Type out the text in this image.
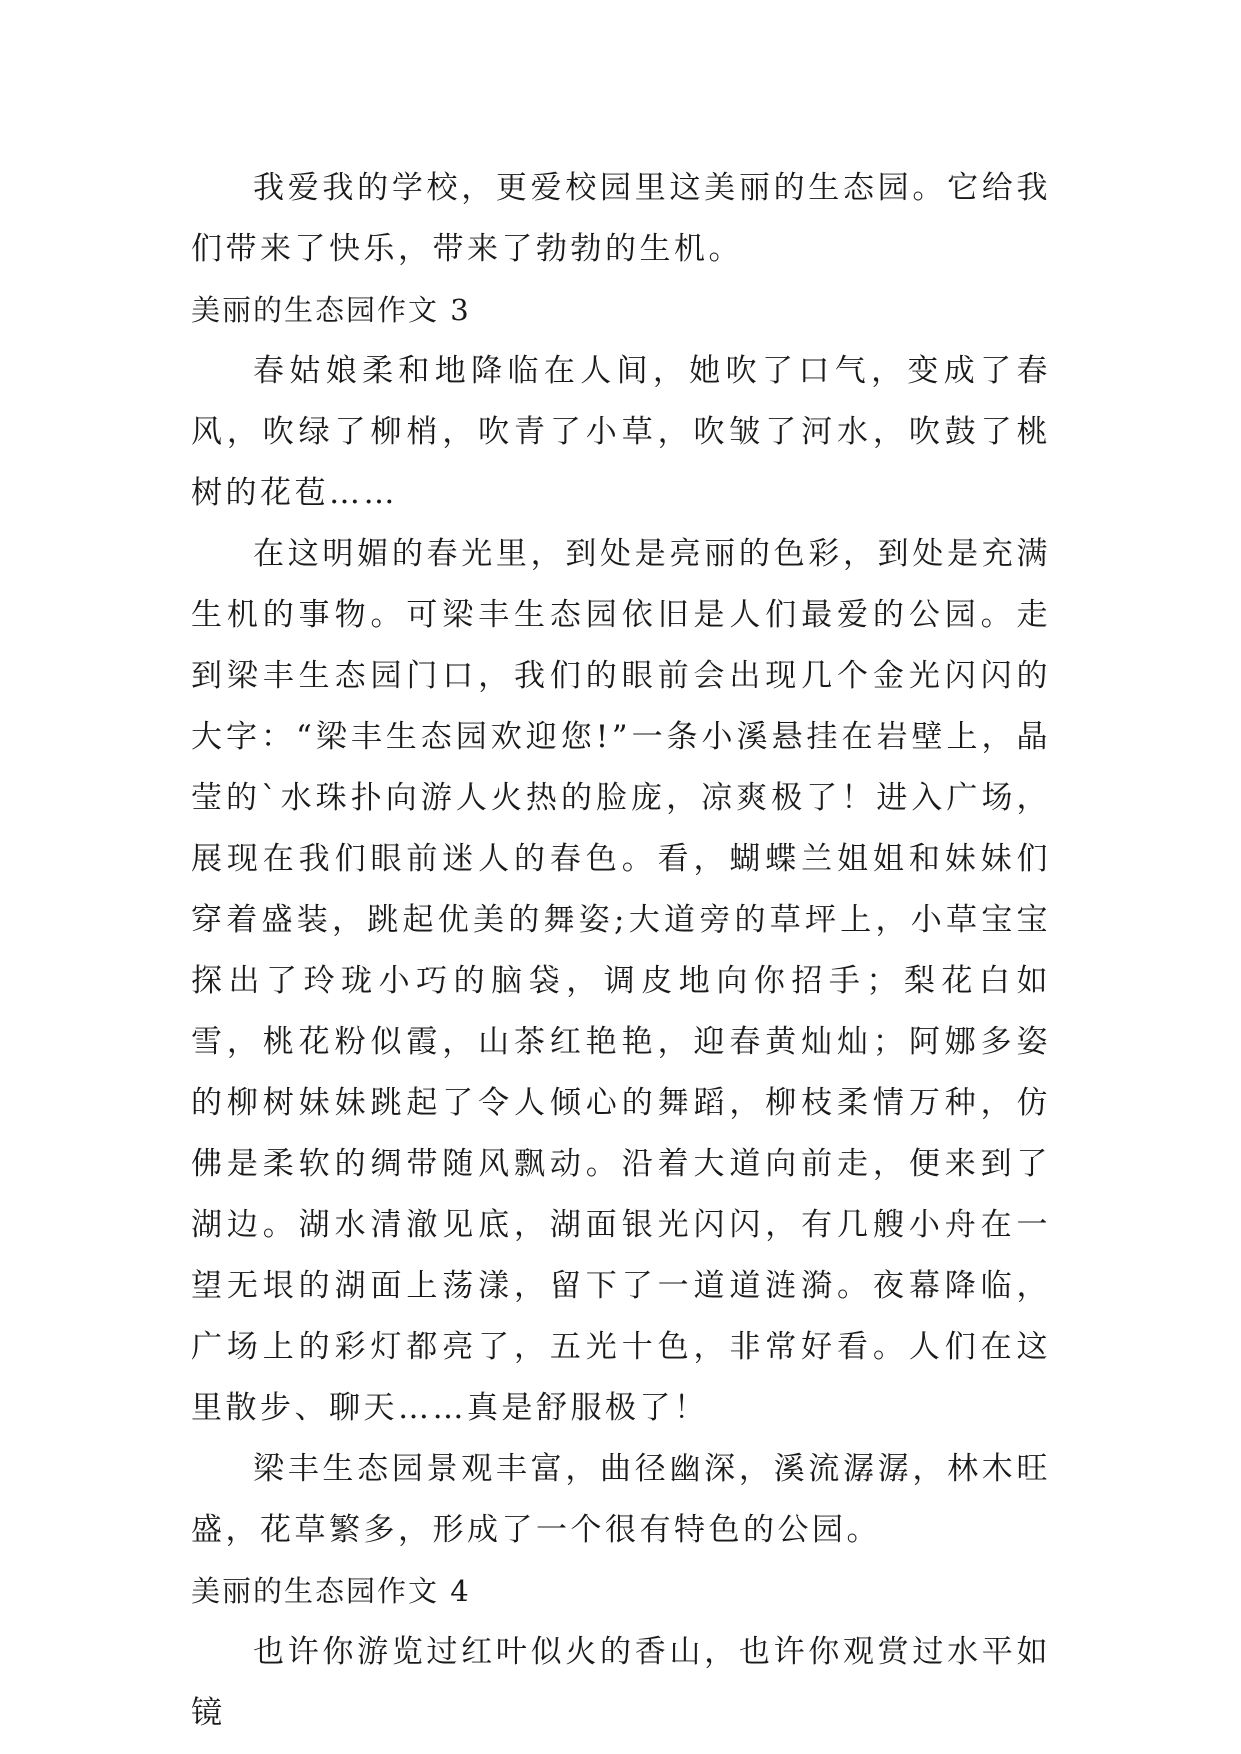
我爱我的学校，更爱校园里这美丽的生态园。它给我们带来了快乐，带来了勃勃的生机。

美丽的生态园作文 3

春姑娘柔和地降临在人间，她吹了口气，变成了春风，吹绿了柳梢，吹青了小草，吹皱了河水，吹鼓了桃树的花苞……

在这明媚的春光里，到处是亮丽的色彩，到处是充满生机的事物。可梁丰生态园依旧是人们最爱的公园。走到梁丰生态园门口，我们的眼前会出现几个金光闪闪的大字：“梁丰生态园欢迎您!”一条小溪悬挂在岩壁上，晶莹的`水珠扑向游人火热的脸庞，凉爽极了！进入广场，展现在我们眼前迷人的春色。看，蝴蝶兰姐姐和妹妹们穿着盛装，跳起优美的舞姿;大道旁的草坪上，小草宝宝探出了玲珑小巧的脑袋，调皮地向你招手；梨花白如雪，桃花粉似霞，山茶红艳艳，迎春黄灿灿；阿娜多姿的柳树妹妹跳起了令人倾心的舞蹈，柳枝柔情万种，仿佛是柔软的绸带随风飘动。沿着大道向前走，便来到了湖边。湖水清澈见底，湖面银光闪闪，有几艘小舟在一望无垠的湖面上荡漾，留下了一道道涟漪。夜幕降临，广场上的彩灯都亮了，五光十色，非常好看。人们在这里散步、聊天……真是舒服极了！

梁丰生态园景观丰富，曲径幽深，溪流潺潺，林木旺盛，花草繁多，形成了一个很有特色的公园。

美丽的生态园作文 4

也许你游览过红叶似火的香山，也许你观赏过水平如镜
